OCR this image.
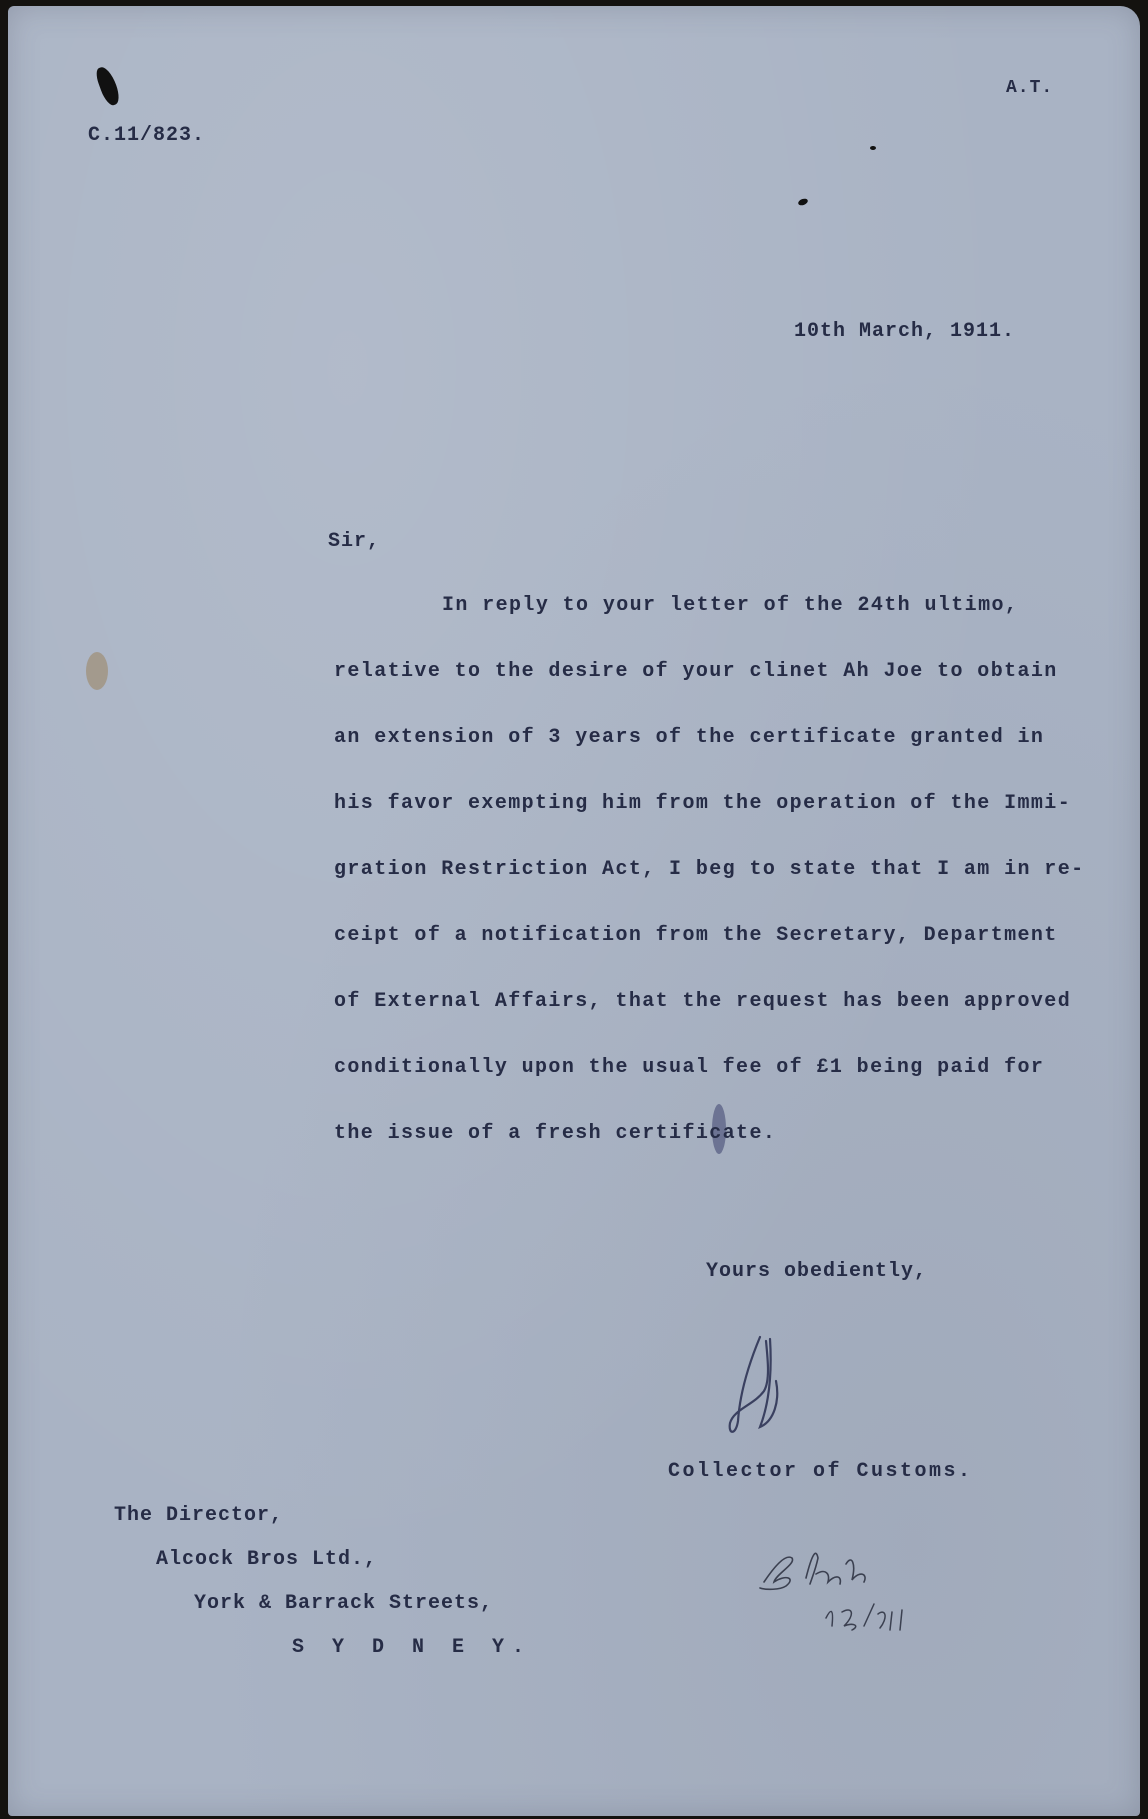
C.11/823.
A.T.
10th March, 1911.
Sir,
In reply to your letter of the 24th ultimo,
relative to the desire of your clinet Ah Joe to obtain
an extension of 3 years of the certificate granted in
his favor exempting him from the operation of the Immi-
gration Restriction Act, I beg to state that I am in re-
ceipt of a notification from the Secretary, Department
of External Affairs, that the request has been approved
conditionally upon the usual fee of £1 being paid for
the issue of a fresh certificate.
Yours obediently,
Collector of Customs.
The Director,
Alcock Bros Ltd.,
York & Barrack Streets,
S Y D N E Y.
